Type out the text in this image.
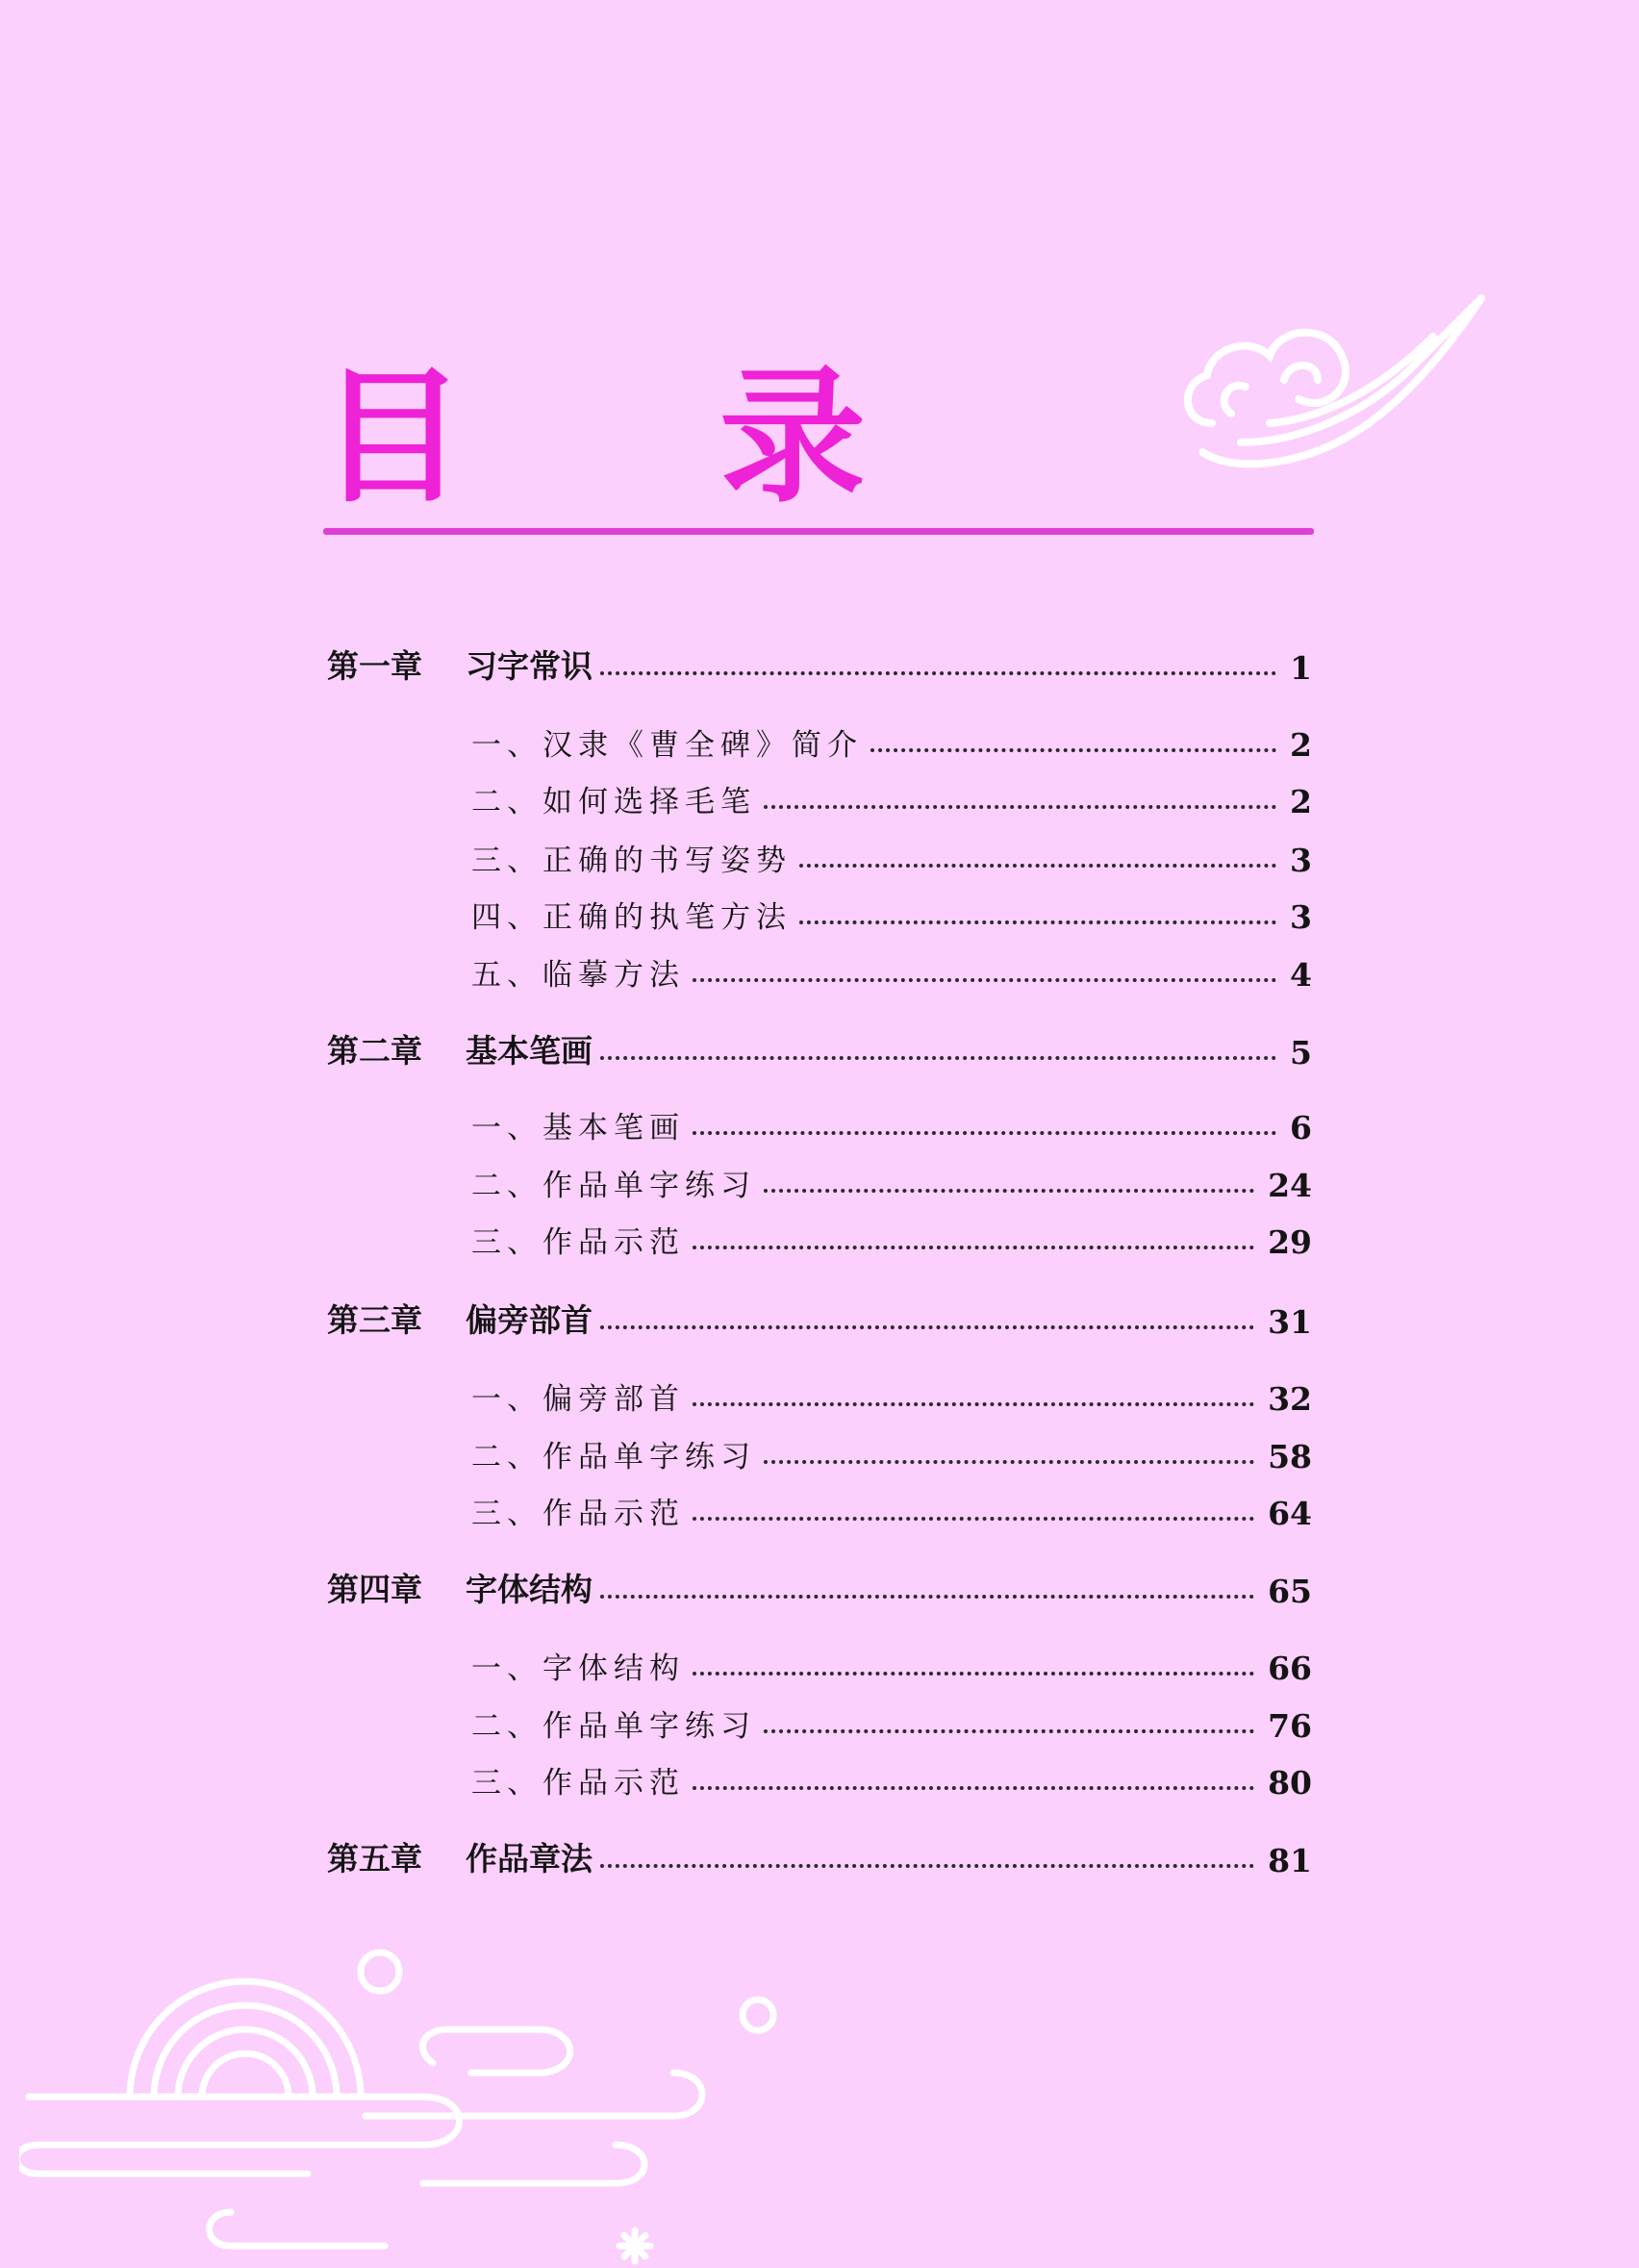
目　录
第一章 习字常识	1
一、汉隶《曹全碑》简介	2
二、如何选择毛笔	2
三、正确的书写姿势	3
四、正确的执笔方法	3
五、临摹方法	4
第二章 基本笔画	5
一、基本笔画	6
二、作品单字练习	24
三、作品示范	29
第三章 偏旁部首	31
一、偏旁部首	32
二、作品单字练习	58
三、作品示范	64
第四章 字体结构	65
一、字体结构	66
二、作品单字练习	76
三、作品示范	80
第五章 作品章法	81
